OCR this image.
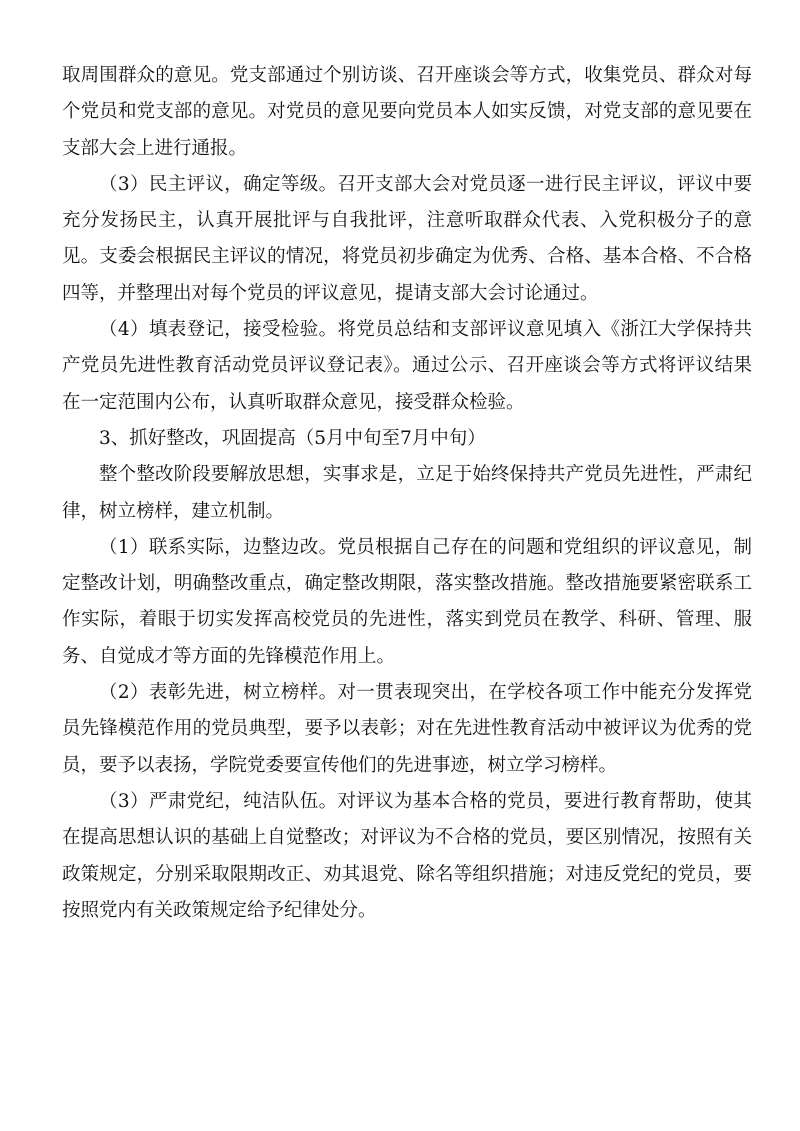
取周围群众的意见。党支部通过个别访谈、召开座谈会等方式，收集党员、群众对每个党员和党支部的意见。对党员的意见要向党员本人如实反馈，对党支部的意见要在支部大会上进行通报。

（3）民主评议，确定等级。召开支部大会对党员逐一进行民主评议，评议中要充分发扬民主，认真开展批评与自我批评，注意听取群众代表、入党积极分子的意见。支委会根据民主评议的情况，将党员初步确定为优秀、合格、基本合格、不合格四等，并整理出对每个党员的评议意见，提请支部大会讨论通过。

（4）填表登记，接受检验。将党员总结和支部评议意见填入《浙江大学保持共产党员先进性教育活动党员评议登记表》。通过公示、召开座谈会等方式将评议结果在一定范围内公布，认真听取群众意见，接受群众检验。

3、抓好整改，巩固提高（5月中旬至7月中旬）

整个整改阶段要解放思想，实事求是，立足于始终保持共产党员先进性，严肃纪律，树立榜样，建立机制。

（1）联系实际，边整边改。党员根据自己存在的问题和党组织的评议意见，制定整改计划，明确整改重点，确定整改期限，落实整改措施。整改措施要紧密联系工作实际，着眼于切实发挥高校党员的先进性，落实到党员在教学、科研、管理、服务、自觉成才等方面的先锋模范作用上。

（2）表彰先进，树立榜样。对一贯表现突出，在学校各项工作中能充分发挥党员先锋模范作用的党员典型，要予以表彰；对在先进性教育活动中被评议为优秀的党员，要予以表扬，学院党委要宣传他们的先进事迹，树立学习榜样。

（3）严肃党纪，纯洁队伍。对评议为基本合格的党员，要进行教育帮助，使其在提高思想认识的基础上自觉整改；对评议为不合格的党员，要区别情况，按照有关政策规定，分别采取限期改正、劝其退党、除名等组织措施；对违反党纪的党员，要按照党内有关政策规定给予纪律处分。
